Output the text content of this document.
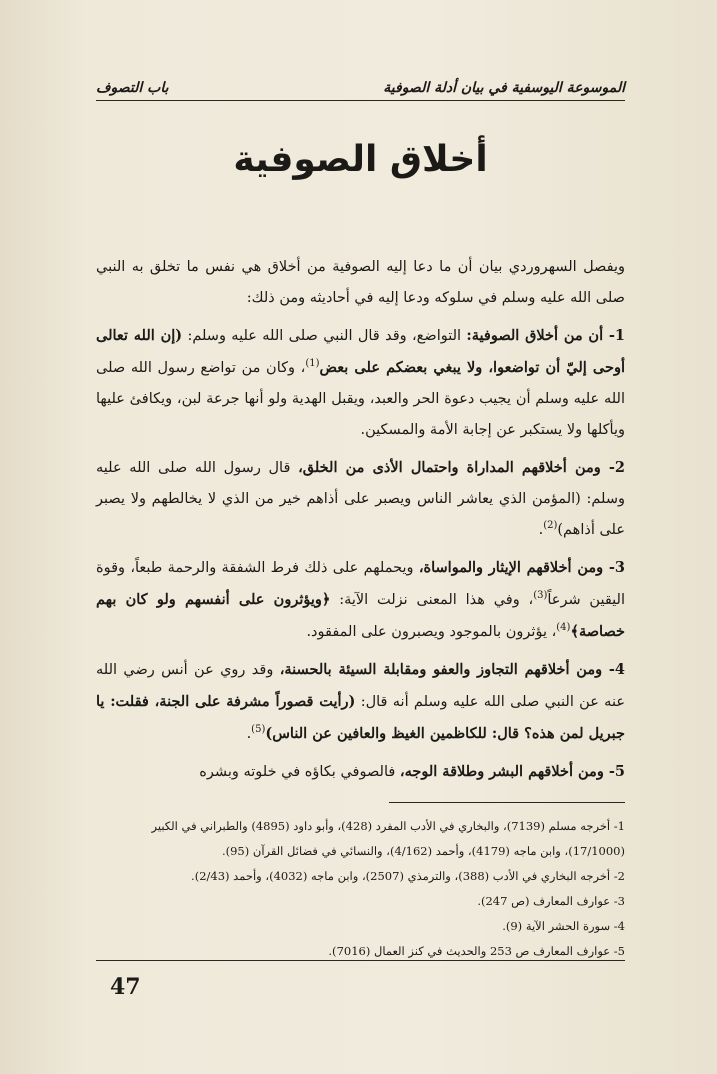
الموسوعة اليوسفية في بيان أدلة الصوفية
باب التصوف
أخلاق الصوفية

ويفصل السهروردي بيان أن ما دعا إليه الصوفية من أخلاق هي نفس ما تخلق به النبي صلى الله عليه وسلم في سلوكه ودعا إليه في أحاديثه ومن ذلك:

1- أن من أخلاق الصوفية: التواضع، وقد قال النبي صلى الله عليه وسلم: (إن الله تعالى أوحى إليّ أن تواضعوا، ولا يبغي بعضكم على بعض$^{(1)}$، وكان من تواضع رسول الله صلى الله عليه وسلم أن يجيب دعوة الحر والعبد، ويقبل الهدية ولو أنها جرعة لبن، ويكافئ عليها ويأكلها ولا يستكبر عن إجابة الأمة والمسكين.

2- ومن أخلاقهم المداراة واحتمال الأذى من الخلق، قال رسول الله صلى الله عليه وسلم: (المؤمن الذي يعاشر الناس ويصبر على أذاهم خير من الذي لا يخالطهم ولا يصبر على أذاهم)$^{(2)}$.

3- ومن أخلاقهم الإيثار والمواساة، ويحملهم على ذلك فرط الشفقة والرحمة طبعاً، وقوة اليقين شرعاً$^{(3)}$، وفي هذا المعنى نزلت الآية: ﴿ويؤثرون على أنفسهم ولو كان بهم خصاصة﴾$^{(4)}$، يؤثرون بالموجود ويصبرون على المفقود.

4- ومن أخلاقهم التجاوز والعفو ومقابلة السيئة بالحسنة، وقد روي عن أنس رضي الله عنه عن النبي صلى الله عليه وسلم أنه قال: (رأيت قصوراً مشرفة على الجنة، فقلت: يا جبريل لمن هذه؟ قال: للكاظمين الغيظ والعافين عن الناس)$^{(5)}$.

5- ومن أخلاقهم البشر وطلاقة الوجه، فالصوفي بكاؤه في خلوته وبشره

1- أخرجه مسلم (7139)، والبخاري في الأدب المفرد (428)، وأبو داود (4895) والطبراني في الكبير
(17/1000)، وابن ماجه (4179)، وأحمد (4/162)، والنسائي في فضائل القرآن (95).
2- أخرجه البخاري في الأدب (388)، والترمذي (2507)، وابن ماجه (4032)، وأحمد (2/43).
3- عوارف المعارف (ص 247).
4- سورة الحشر الآية (9).
5- عوارف المعارف ص 253 والحديث في كنز العمال (7016).
47
